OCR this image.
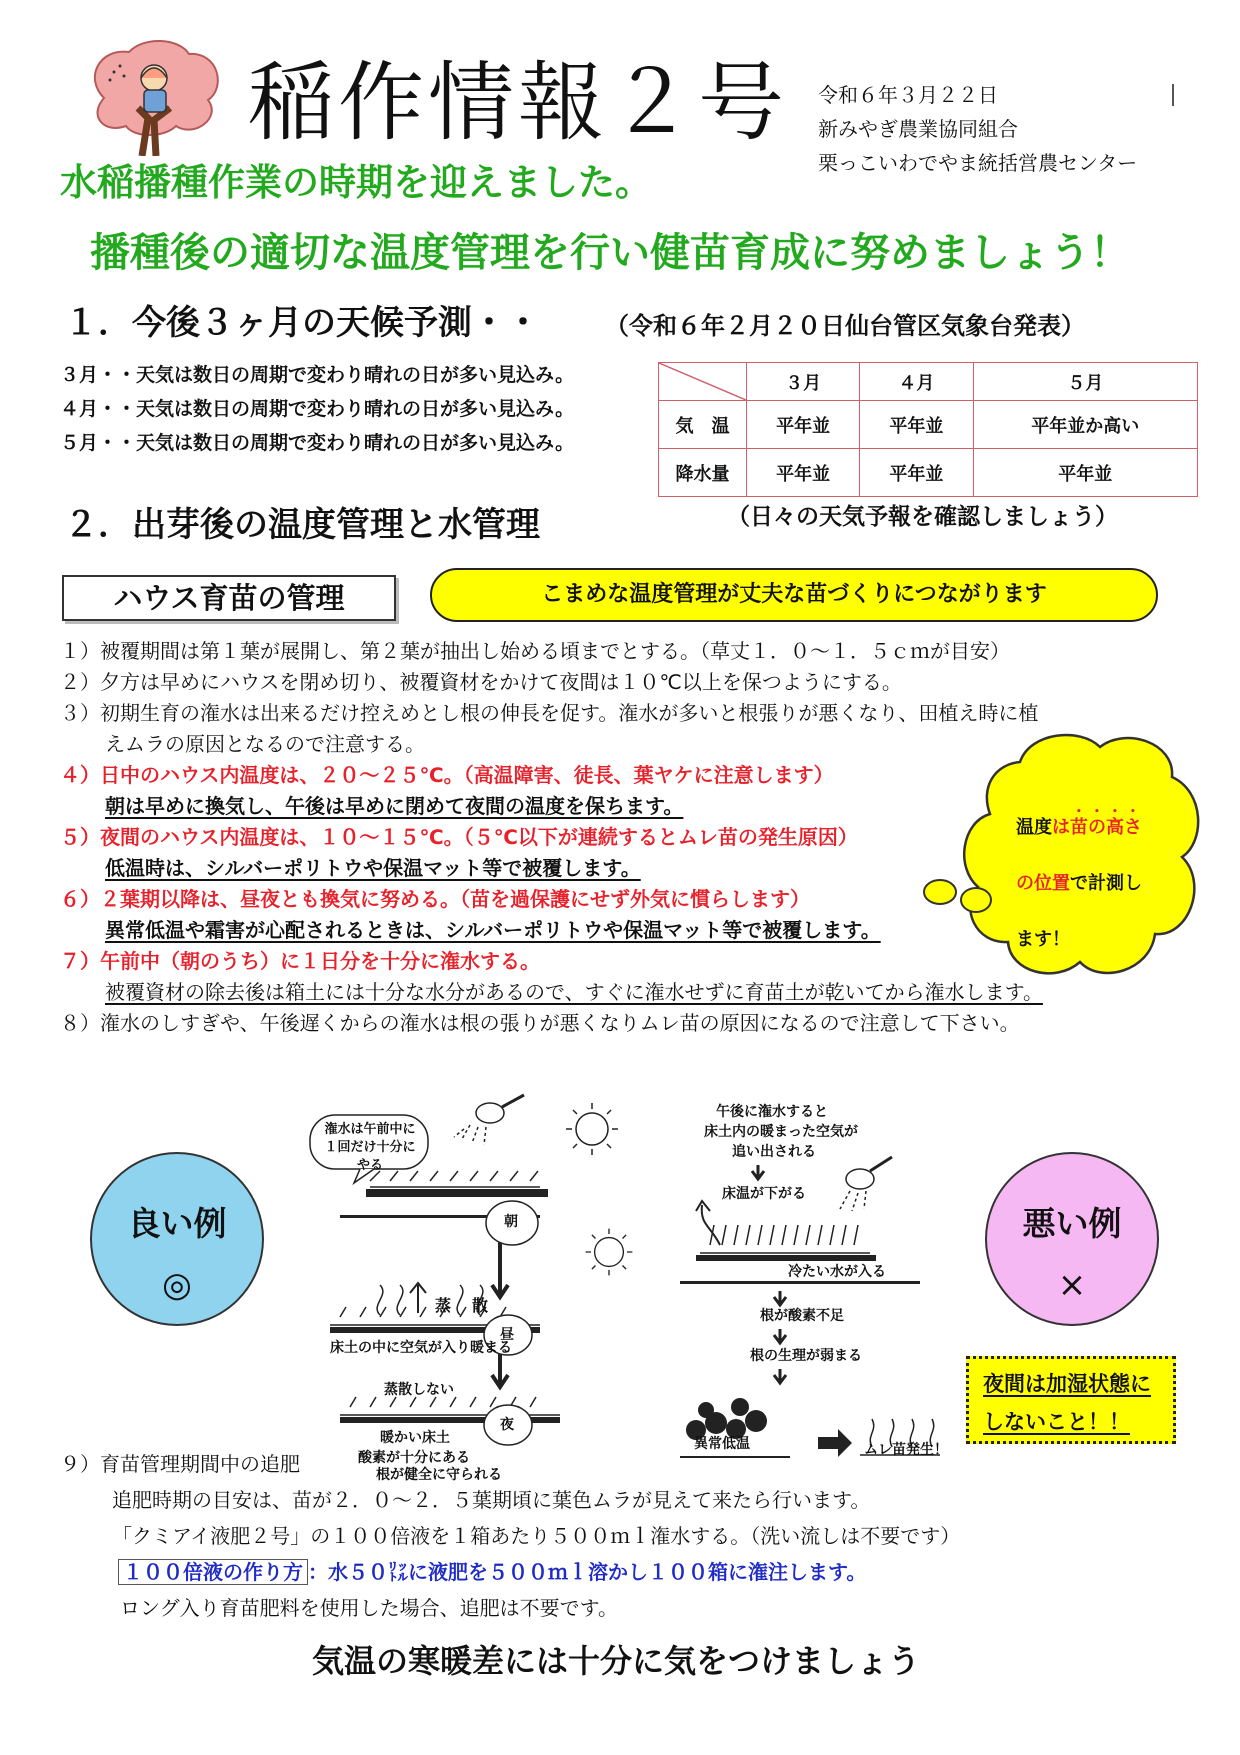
稲作情報２号 令和６年３月２２日
新みやぎ農業協同組合
栗っこいわでやま統括営農センター
水稲播種作業の時期を迎えました。
播種後の適切な温度管理を行い健苗育成に努めましょう！
１．今後３ヶ月の天候予測・・	（令和６年２月２０日仙台管区気象台発表）
３月・・天気は数日の周期で変わり晴れの日が多い見込み。
４月・・天気は数日の周期で変わり晴れの日が多い見込み。
５月・・天気は数日の周期で変わり晴れの日が多い見込み。
	３月	４月	５月
気　温	平年並	平年並	平年並か高い
降水量	平年並	平年並	平年並
２．出芽後の温度管理と水管理	（日々の天気予報を確認しましょう）
ハウス育苗の管理	こまめな温度管理が丈夫な苗づくりにつながります
１）被覆期間は第１葉が展開し、第２葉が抽出し始める頃までとする。（草丈１．０～１．５ｃｍが目安）
２）夕方は早めにハウスを閉め切り、被覆資材をかけて夜間は１０℃以上を保つようにする。
３）初期生育の潅水は出来るだけ控えめとし根の伸長を促す。潅水が多いと根張りが悪くなり、田植え時に植
えムラの原因となるので注意する。
４）日中のハウス内温度は、２０～２５℃。（高温障害、徒長、葉ヤケに注意します）
朝は早めに換気し、午後は早めに閉めて夜間の温度を保ちます。
５）夜間のハウス内温度は、１０～１５℃。（５℃以下が連続するとムレ苗の発生原因）
低温時は、シルバーポリトウや保温マット等で被覆します。
６）２葉期以降は、昼夜とも換気に努める。（苗を過保護にせず外気に慣らします）
異常低温や霜害が心配されるときは、シルバーポリトウや保温マット等で被覆します。
７）午前中（朝のうち）に１日分を十分に潅水する。
被覆資材の除去後は箱土には十分な水分があるので、すぐに潅水せずに育苗土が乾いてから潅水します。
８）潅水のしすぎや、午後遅くからの潅水は根の張りが悪くなりムレ苗の原因になるので注意して下さい。
温度は苗の高さ
の位置で計測し
ます！
良い例
◎
悪い例
×
潅水は午前中に１回だけ十分にやる
朝
昼
夜
蒸 散
床土の中に空気が入り暖まる
蒸散しない
暖かい床土
酸素が十分にある
根が健全に守られる
午後に潅水すると
床土内の暖まった空気が
追い出される
床温が下がる
冷たい水が入る
根が酸素不足
根の生理が弱まる
異常低温	ムレ苗発生！
夜間は加湿状態に
しないこと！！
９）育苗管理期間中の追肥
追肥時期の目安は、苗が２．０～２．５葉期頃に葉色ムラが見えて来たら行います。
「クミアイ液肥２号」の１００倍液を１箱あたり５００ｍｌ潅水する。（洗い流しは不要です）
１００倍液の作り方 ：水５０㍑に液肥を５００ｍｌ溶かし１００箱に潅注します。
ロング入り育苗肥料を使用した場合、追肥は不要です。
気温の寒暖差には十分に気をつけましょう
